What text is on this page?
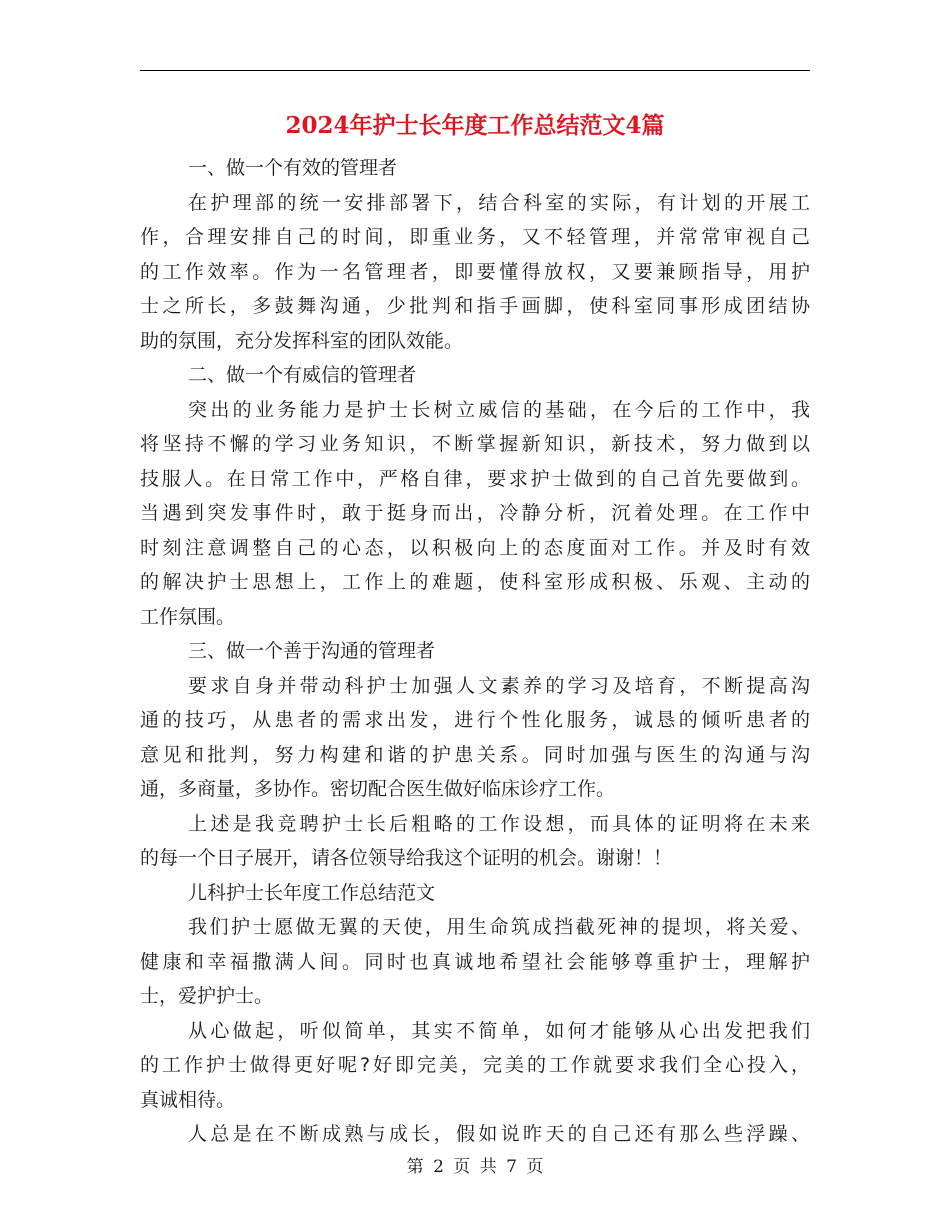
2024年护士长年度工作总结范文4篇
一、做一个有效的管理者
在护理部的统一安排部署下，结合科室的实际，有计划的开展工
作，合理安排自己的时间，即重业务，又不轻管理，并常常审视自己
的工作效率。作为一名管理者，即要懂得放权，又要兼顾指导，用护
士之所长，多鼓舞沟通，少批判和指手画脚，使科室同事形成团结协
助的氛围，充分发挥科室的团队效能。
二、做一个有威信的管理者
突出的业务能力是护士长树立威信的基础，在今后的工作中，我
将坚持不懈的学习业务知识，不断掌握新知识，新技术，努力做到以
技服人。在日常工作中，严格自律，要求护士做到的自己首先要做到。
当遇到突发事件时，敢于挺身而出，冷静分析，沉着处理。在工作中
时刻注意调整自己的心态，以积极向上的态度面对工作。并及时有效
的解决护士思想上，工作上的难题，使科室形成积极、乐观、主动的
工作氛围。
三、做一个善于沟通的管理者
要求自身并带动科护士加强人文素养的学习及培育，不断提高沟
通的技巧，从患者的需求出发，进行个性化服务，诚恳的倾听患者的
意见和批判，努力构建和谐的护患关系。同时加强与医生的沟通与沟
通，多商量，多协作。密切配合医生做好临床诊疗工作。
上述是我竞聘护士长后粗略的工作设想，而具体的证明将在未来
的每一个日子展开，请各位领导给我这个证明的机会。谢谢！！
儿科护士长年度工作总结范文
我们护士愿做无翼的天使，用生命筑成挡截死神的提坝，将关爱、
健康和幸福撒满人间。同时也真诚地希望社会能够尊重护士，理解护
士，爱护护士。
从心做起，听似简单，其实不简单，如何才能够从心出发把我们
的工作护士做得更好呢?好即完美，完美的工作就要求我们全心投入，
真诚相待。
人总是在不断成熟与成长，假如说昨天的自己还有那么些浮躁、
第 2 页 共 7 页
